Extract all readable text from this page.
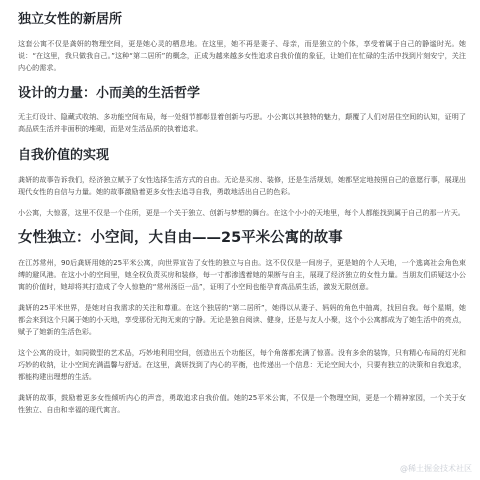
独立女性的新居所

这套公寓不仅是龚妍的物理空间，更是她心灵的栖息地。在这里，她不再是妻子、母亲，而是独立的个体，享受着属于自己的静谧时光。她说：“在这里，我只做我自己。”这种“第二居所”的概念，正成为越来越多女性追求自我价值的象征，让她们在忙碌的生活中找到片刻安宁，关注内心的需求。

设计的力量：小而美的生活哲学

无主灯设计、隐藏式收纳、多功能空间布局，每一处细节都彰显着创新与巧思。小公寓以其独特的魅力，颠覆了人们对居住空间的认知，证明了高品质生活并非面积的堆砌，而是对生活品质的执着追求。

自我价值的实现

龚妍的故事告诉我们，经济独立赋予了女性选择生活方式的自由。无论是买房、装修，还是生活规划，她都坚定地按照自己的意愿行事，展现出现代女性的自信与力量。她的故事激励着更多女性去追寻自我，勇敢地活出自己的色彩。

小公寓，大惊喜，这里不仅是一个住所，更是一个关于独立、创新与梦想的舞台。在这个小小的天地里，每个人都能找到属于自己的那一片天。

女性独立：小空间，大自由——25平米公寓的故事

在江苏常州，90后龚妍用她的25平米公寓，向世界宣告了女性的独立与自由。这不仅仅是一间房子，更是她的个人天地，一个逃离社会角色束缚的避风港。在这小小的空间里，她全权负责买房和装修，每一寸都渗透着她的果断与自主，展现了经济独立的女性力量。当朋友们质疑这小公寓的价值时，她却将其打造成了令人惊艳的“常州汤臣一品”，证明了小空间也能孕育高品质生活，激发无限创意。

龚妍的25平米世界，是她对自我需求的关注和尊重。在这个独居的“第二居所”，她得以从妻子、妈妈的角色中抽离，找回自我。每个星期，她都会来到这个只属于她的小天地，享受那份无拘无束的宁静。无论是独自阅读、健身，还是与友人小聚，这个小公寓都成为了她生活中的亮点，赋予了她新的生活色彩。

这个公寓的设计，如同微型的艺术品，巧妙地利用空间，创造出五个功能区，每个角落都充满了惊喜。没有多余的装饰，只有精心布局的灯光和巧妙的收纳，让小空间充满温馨与舒适。在这里，龚妍找到了内心的平衡，也传递出一个信息：无论空间大小，只要有独立的决策和自我追求，都能构建出理想的生活。

龚妍的故事，鼓励着更多女性倾听内心的声音，勇敢追求自我价值。她的25平米公寓，不仅是一个物理空间，更是一个精神家园，一个关于女性独立、自由和幸福的现代寓言。

@稀土掘金技术社区
